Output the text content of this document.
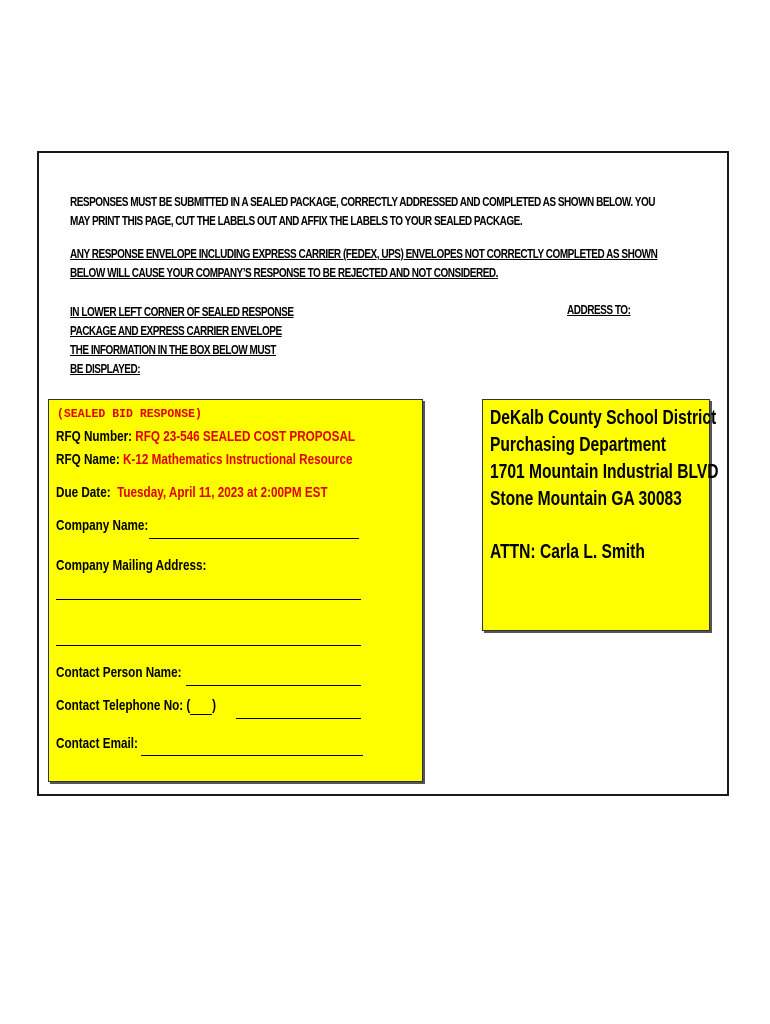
RESPONSES MUST BE SUBMITTED IN A SEALED PACKAGE, CORRECTLY ADDRESSED AND COMPLETED AS SHOWN BELOW. YOU
MAY PRINT THIS PAGE, CUT THE LABELS OUT AND AFFIX THE LABELS TO YOUR SEALED PACKAGE.
ANY RESPONSE ENVELOPE INCLUDING EXPRESS CARRIER (FEDEX, UPS) ENVELOPES NOT CORRECTLY COMPLETED AS SHOWN
BELOW WILL CAUSE YOUR COMPANY’S RESPONSE TO BE REJECTED AND NOT CONSIDERED.
IN LOWER LEFT CORNER OF SEALED RESPONSE
PACKAGE AND EXPRESS CARRIER ENVELOPE
THE INFORMATION IN THE BOX BELOW MUST
BE DISPLAYED:
ADDRESS TO:
(SEALED BID RESPONSE)
RFQ Number: RFQ 23-546 SEALED COST PROPOSAL
RFQ Name: K-12 Mathematics Instructional Resource
Due Date: Tuesday, April 11, 2023 at 2:00PM EST
Company Name:
Company Mailing Address:
Contact Person Name:
Contact Telephone No: ( )
Contact Email:
DeKalb County School District
Purchasing Department
1701 Mountain Industrial BLVD
Stone Mountain GA 30083
ATTN: Carla L. Smith
